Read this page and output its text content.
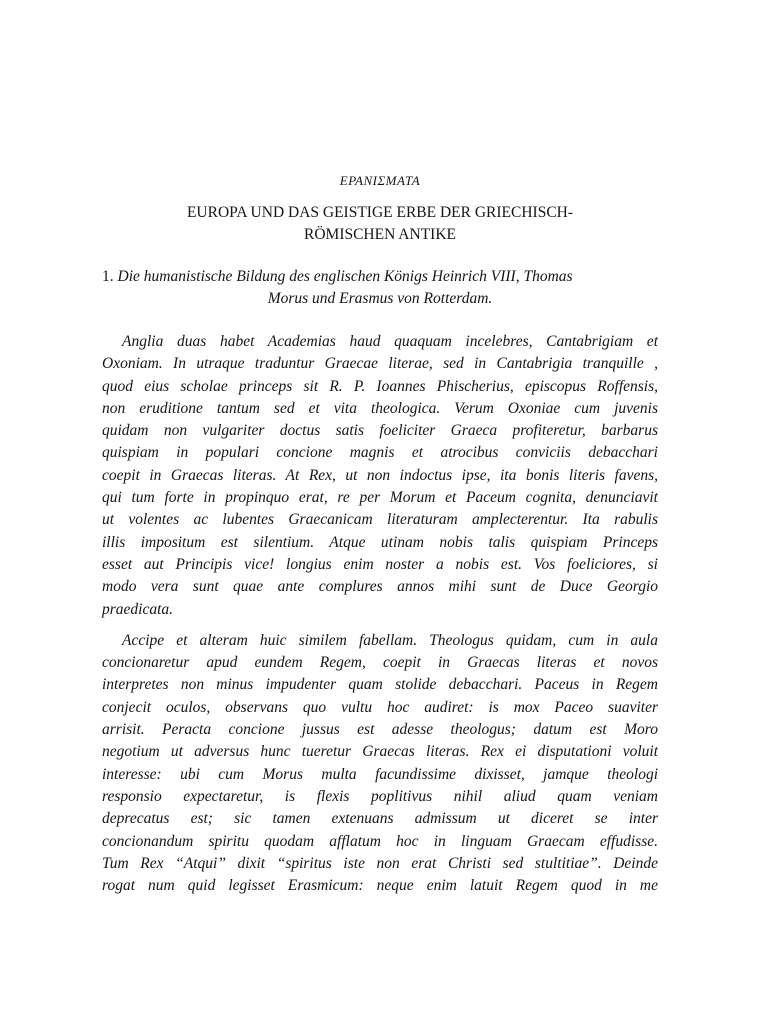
ΕΡΑΝΙΣΜΑΤΑ
EUROPA UND DAS GEISTIGE ERBE DER GRIECHISCH-
RÖMISCHEN ANTIKE
1. Die humanistische Bildung des englischen Königs Heinrich VIII, Thomas
Morus und Erasmus von Rotterdam.
Anglia duas habet Academias haud quaquam incelebres, Cantabrigiam et
Oxoniam. In utraque traduntur Graecae literae, sed in Cantabrigia tranquille ,
quod eius scholae princeps sit R. P. Ioannes Phischerius, episcopus Roffensis,
non eruditione tantum sed et vita theologica. Verum Oxoniae cum juvenis
quidam non vulgariter doctus satis foeliciter Graeca profiteretur, barbarus
quispiam in populari concione magnis et atrocibus conviciis debacchari
coepit in Graecas literas. At Rex, ut non indoctus ipse, ita bonis literis favens,
qui tum forte in propinquo erat, re per Morum et Paceum cognita, denunciavit
ut volentes ac lubentes Graecanicam literaturam amplecterentur. Ita rabulis
illis impositum est silentium. Atque utinam nobis talis quispiam Princeps
esset aut Principis vice! longius enim noster a nobis est. Vos foeliciores, si
modo vera sunt quae ante complures annos mihi sunt de Duce Georgio
praedicata.
Accipe et alteram huic similem fabellam. Theologus quidam, cum in aula
concionaretur apud eundem Regem, coepit in Graecas literas et novos
interpretes non minus impudenter quam stolide debacchari. Paceus in Regem
conjecit oculos, observans quo vultu hoc audiret: is mox Paceo suaviter
arrisit. Peracta concione jussus est adesse theologus; datum est Moro
negotium ut adversus hunc tueretur Graecas literas. Rex ei disputationi voluit
interesse: ubi cum Morus multa facundissime dixisset, jamque theologi
responsio expectaretur, is flexis poplitivus nihil aliud quam veniam
deprecatus est; sic tamen extenuans admissum ut diceret se inter
concionandum spiritu quodam afflatum hoc in linguam Graecam effudisse.
Tum Rex “Atqui” dixit “spiritus iste non erat Christi sed stultitiae”. Deinde
rogat num quid legisset Erasmicum: neque enim latuit Regem quod in me
